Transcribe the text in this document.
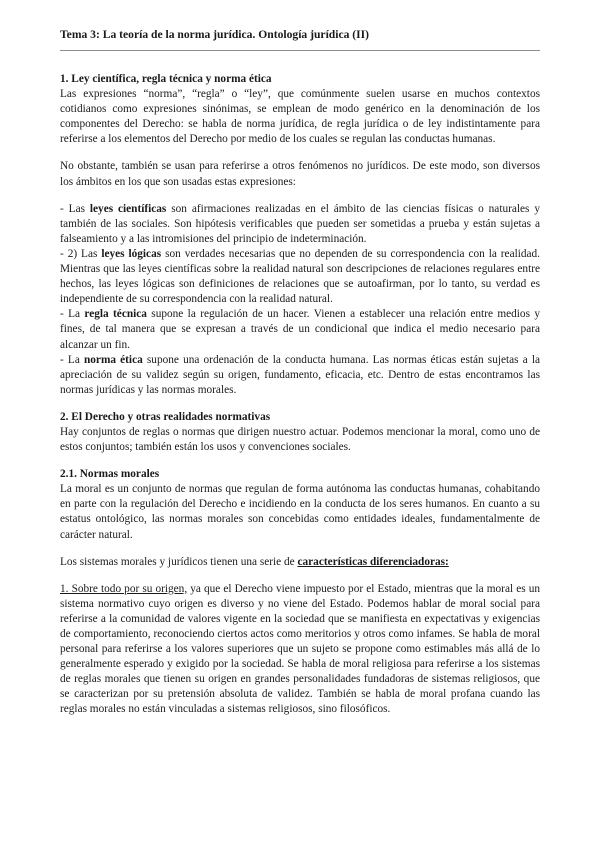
Tema 3: La teoría de la norma jurídica. Ontología jurídica (II)
1. Ley científica, regla técnica y norma ética

Las expresiones “norma”, “regla” o “ley”, que comúnmente suelen usarse en muchos contextos cotidianos como expresiones sinónimas, se emplean de modo genérico en la denominación de los componentes del Derecho: se habla de norma jurídica, de regla jurídica o de ley indistintamente para referirse a los elementos del Derecho por medio de los cuales se regulan las conductas humanas.

No obstante, también se usan para referirse a otros fenómenos no jurídicos. De este modo, son diversos los ámbitos en los que son usadas estas expresiones:

- Las leyes científicas son afirmaciones realizadas en el ámbito de las ciencias físicas o naturales y también de las sociales. Son hipótesis verificables que pueden ser sometidas a prueba y están sujetas a falseamiento y a las intromisiones del principio de indeterminación.

- 2) Las leyes lógicas son verdades necesarias que no dependen de su correspondencia con la realidad. Mientras que las leyes científicas sobre la realidad natural son descripciones de relaciones regulares entre hechos, las leyes lógicas son definiciones de relaciones que se autoafirman, por lo tanto, su verdad es independiente de su correspondencia con la realidad natural.

- La regla técnica supone la regulación de un hacer. Vienen a establecer una relación entre medios y fines, de tal manera que se expresan a través de un condicional que indica el medio necesario para alcanzar un fin.

- La norma ética supone una ordenación de la conducta humana. Las normas éticas están sujetas a la apreciación de su validez según su origen, fundamento, eficacia, etc. Dentro de estas encontramos las normas jurídicas y las normas morales.

2. El Derecho y otras realidades normativas

Hay conjuntos de reglas o normas que dirigen nuestro actuar. Podemos mencionar la moral, como uno de estos conjuntos; también están los usos y convenciones sociales.

2.1. Normas morales

La moral es un conjunto de normas que regulan de forma autónoma las conductas humanas, cohabitando en parte con la regulación del Derecho e incidiendo en la conducta de los seres humanos. En cuanto a su estatus ontológico, las normas morales son concebidas como entidades ideales, fundamentalmente de carácter natural.

Los sistemas morales y jurídicos tienen una serie de características diferenciadoras:

1. Sobre todo por su origen, ya que el Derecho viene impuesto por el Estado, mientras que la moral es un sistema normativo cuyo origen es diverso y no viene del Estado. Podemos hablar de moral social para referirse a la comunidad de valores vigente en la sociedad que se manifiesta en expectativas y exigencias de comportamiento, reconociendo ciertos actos como meritorios y otros como infames. Se habla de moral personal para referirse a los valores superiores que un sujeto se propone como estimables más allá de lo generalmente esperado y exigido por la sociedad. Se habla de moral religiosa para referirse a los sistemas de reglas morales que tienen su origen en grandes personalidades fundadoras de sistemas religiosos, que se caracterizan por su pretensión absoluta de validez. También se habla de moral profana cuando las reglas morales no están vinculadas a sistemas religiosos, sino filosóficos.
